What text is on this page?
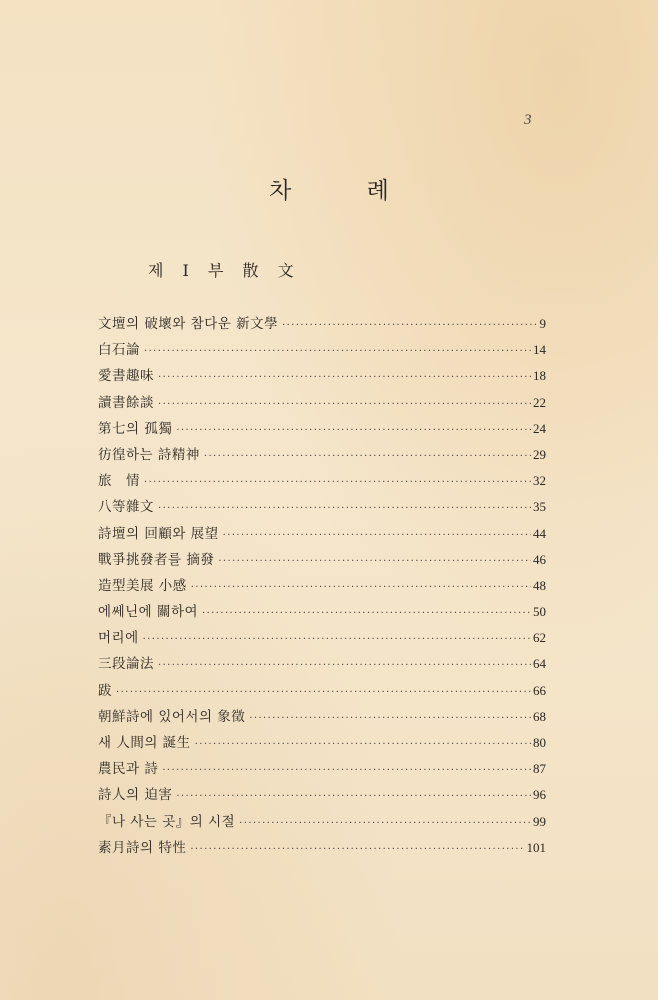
3
차 례
제 I 부 散 文
文壇의 破壞와 참다운 新文學 ·····	9
白石論 ·····	14
愛書趣味 ·····	18
讀書餘談 ·····	22
第七의 孤獨 ·····	24
彷徨하는 詩精神 ·····	29
旅　情 ·····	32
八等雜文 ·····	35
詩壇의 回顧와 展望 ·····	44
戰爭挑發者를 摘發 ·····	46
造型美展 小感 ·····	48
에쎄닌에 關하여 ·····	50
머리에 ·····	62
三段論法 ·····	64
跋 ·····	66
朝鮮詩에 있어서의 象徵 ·····	68
새 人間의 誕生 ·····	80
農民과 詩 ·····	87
詩人의 迫害 ·····	96
『나 사는 곳』의 시절 ·····	99
素月詩의 特性 ·····	101
